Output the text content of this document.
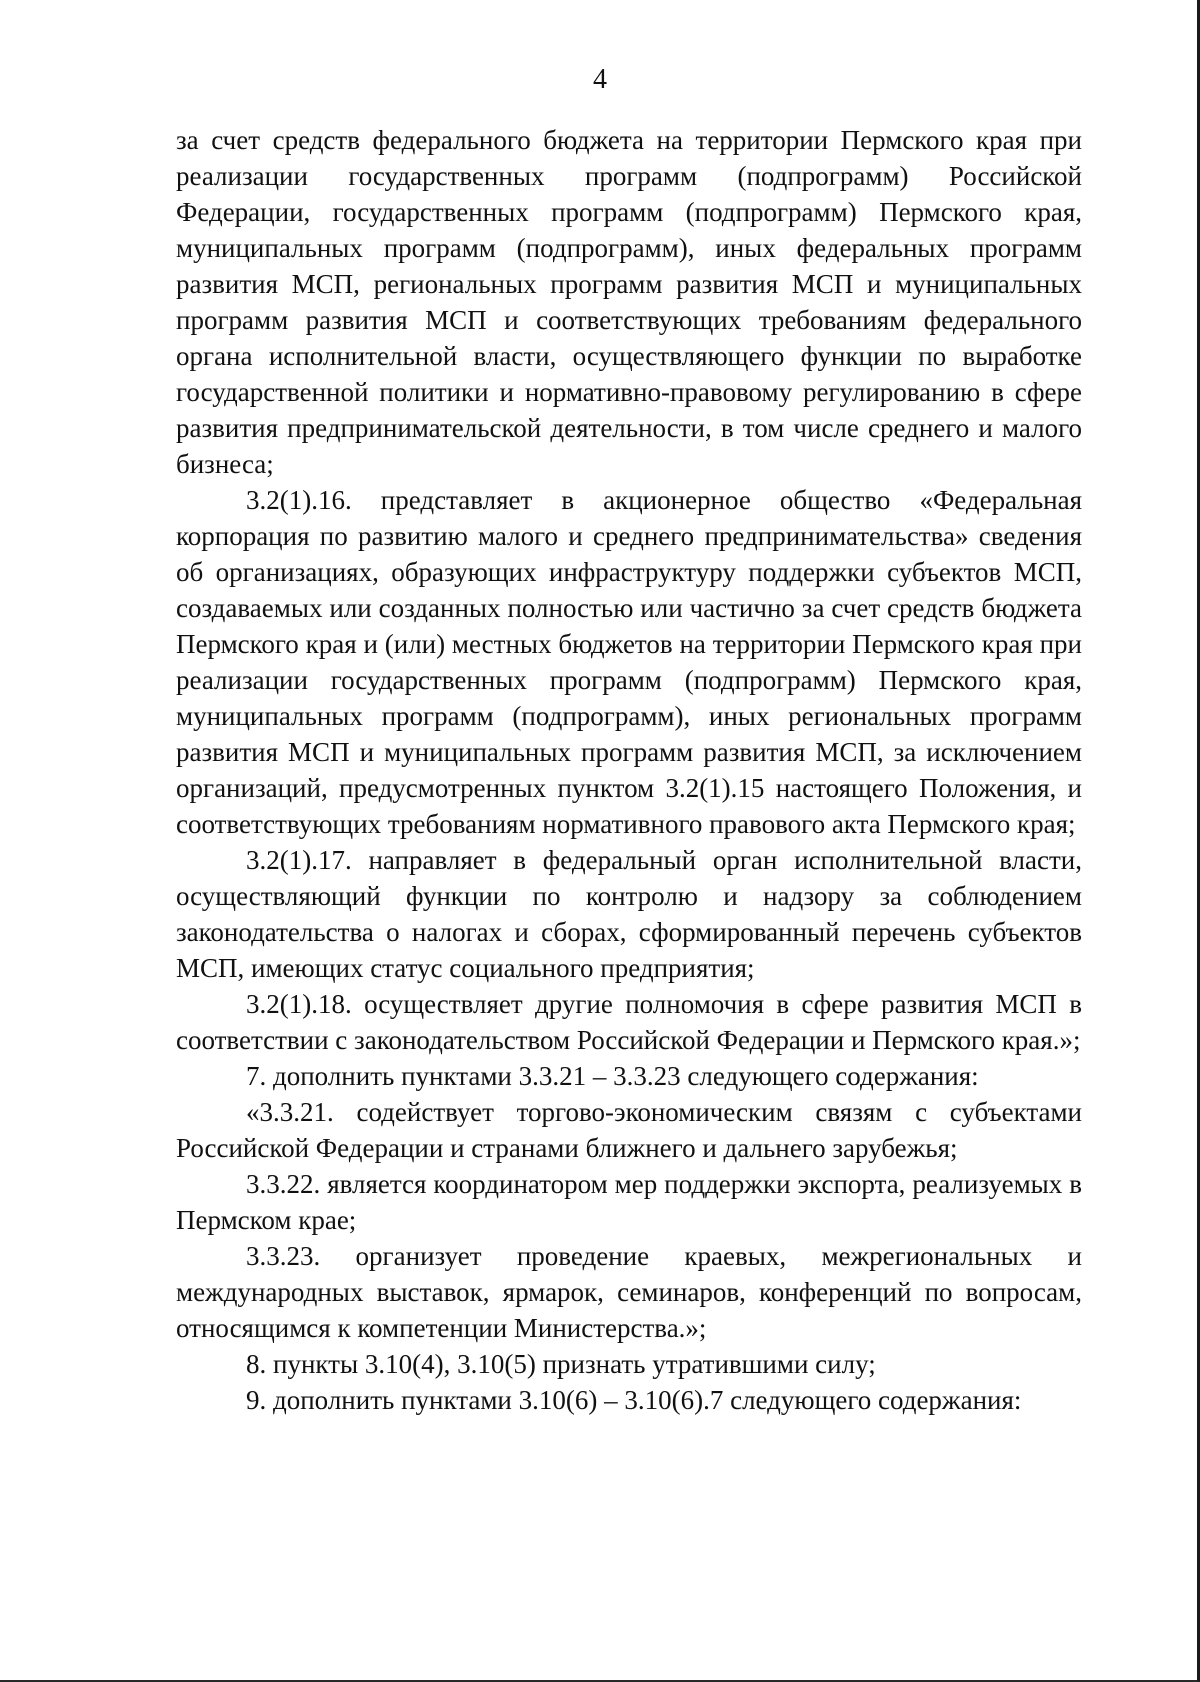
4

за счет средств федерального бюджета на территории Пермского края при реализации государственных программ (подпрограмм) Российской Федерации, государственных программ (подпрограмм) Пермского края, муниципальных программ (подпрограмм), иных федеральных программ развития МСП, региональных программ развития МСП и муниципальных программ развития МСП и соответствующих требованиям федерального органа исполнительной власти, осуществляющего функции по выработке государственной политики и нормативно-правовому регулированию в сфере развития предпринимательской деятельности, в том числе среднего и малого бизнеса;

3.2(1).16. представляет в акционерное общество «Федеральная корпорация по развитию малого и среднего предпринимательства» сведения об организациях, образующих инфраструктуру поддержки субъектов МСП, создаваемых или созданных полностью или частично за счет средств бюджета Пермского края и (или) местных бюджетов на территории Пермского края при реализации государственных программ (подпрограмм) Пермского края, муниципальных программ (подпрограмм), иных региональных программ развития МСП и муниципальных программ развития МСП, за исключением организаций, предусмотренных пунктом 3.2(1).15 настоящего Положения, и соответствующих требованиям нормативного правового акта Пермского края;

3.2(1).17. направляет в федеральный орган исполнительной власти, осуществляющий функции по контролю и надзору за соблюдением законодательства о налогах и сборах, сформированный перечень субъектов МСП, имеющих статус социального предприятия;

3.2(1).18. осуществляет другие полномочия в сфере развития МСП в соответствии с законодательством Российской Федерации и Пермского края.»;

7. дополнить пунктами 3.3.21 – 3.3.23 следующего содержания:

«3.3.21. содействует торгово-экономическим связям с субъектами Российской Федерации и странами ближнего и дальнего зарубежья;

3.3.22. является координатором мер поддержки экспорта, реализуемых в Пермском крае;

3.3.23. организует проведение краевых, межрегиональных и международных выставок, ярмарок, семинаров, конференций по вопросам, относящимся к компетенции Министерства.»;

8. пункты 3.10(4), 3.10(5) признать утратившими силу;

9. дополнить пунктами 3.10(6) – 3.10(6).7 следующего содержания:
